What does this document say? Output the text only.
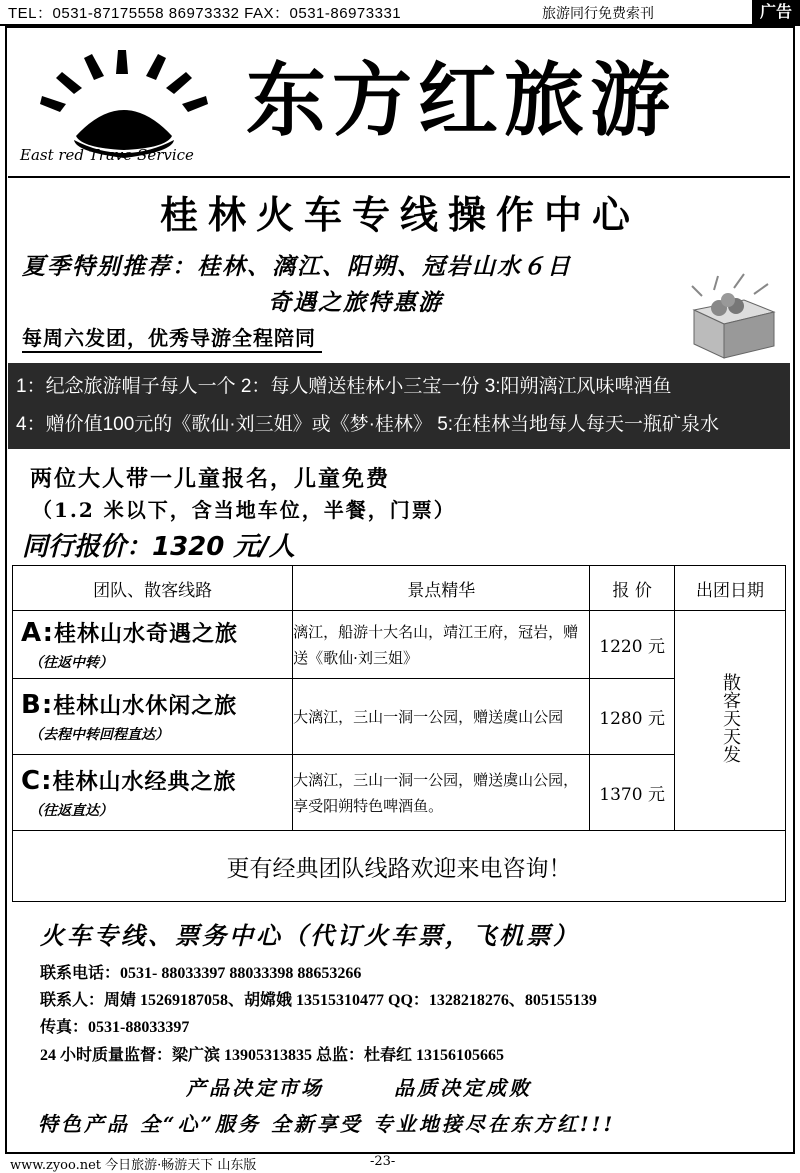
TEL：0531-87175558 86973332 FAX：0531-86973331	旅游同行免费索刊	广告
East red Trave Service
东方红旅游
桂林火车专线操作中心
夏季特别推荐：桂林、漓江、阳朔、冠岩山水６日
奇遇之旅特惠游
每周六发团，优秀导游全程陪同
1：纪念旅游帽子每人一个 2：每人赠送桂林小三宝一份 3:阳朔漓江风味啤酒鱼
4：赠价值100元的《歌仙·刘三姐》或《梦·桂林》 5:在桂林当地每人每天一瓶矿泉水
两位大人带一儿童报名，儿童免费
（1.2 米以下，含当地车位，半餐，门票）
同行报价：1320 元/人
团队、散客线路	景点精华	报 价	出团日期

A:桂林山水奇遇之旅
（往返中转）	漓江，船游十大名山，靖江王府，冠岩，赠送《歌仙·刘三姐》	1220 元	散客天天发

B:桂林山水休闲之旅
（去程中转回程直达）	大漓江，三山一洞一公园，赠送虞山公园	1280 元	

C:桂林山水经典之旅
（往返直达）	大漓江，三山一洞一公园，赠送虞山公园，享受阳朔特色啤酒鱼。	1370 元	
更有经典团队线路欢迎来电咨询！			
火车专线、票务中心（代订火车票，飞机票）
联系电话：0531- 88033397 88033398 88653266
联系人：周婧 15269187058、胡嫦娥 13515310477 QQ：1328218276、805155139
传真：0531-88033397
24 小时质量监督：梁广滨 13905313835 总监：杜春红 13156105665
产品决定市场	品质决定成败
特色产品 全“心”服务 全新享受 专业地接尽在东方红!!!
www.zyoo.net 今日旅游·畅游天下 山东版	-23-
